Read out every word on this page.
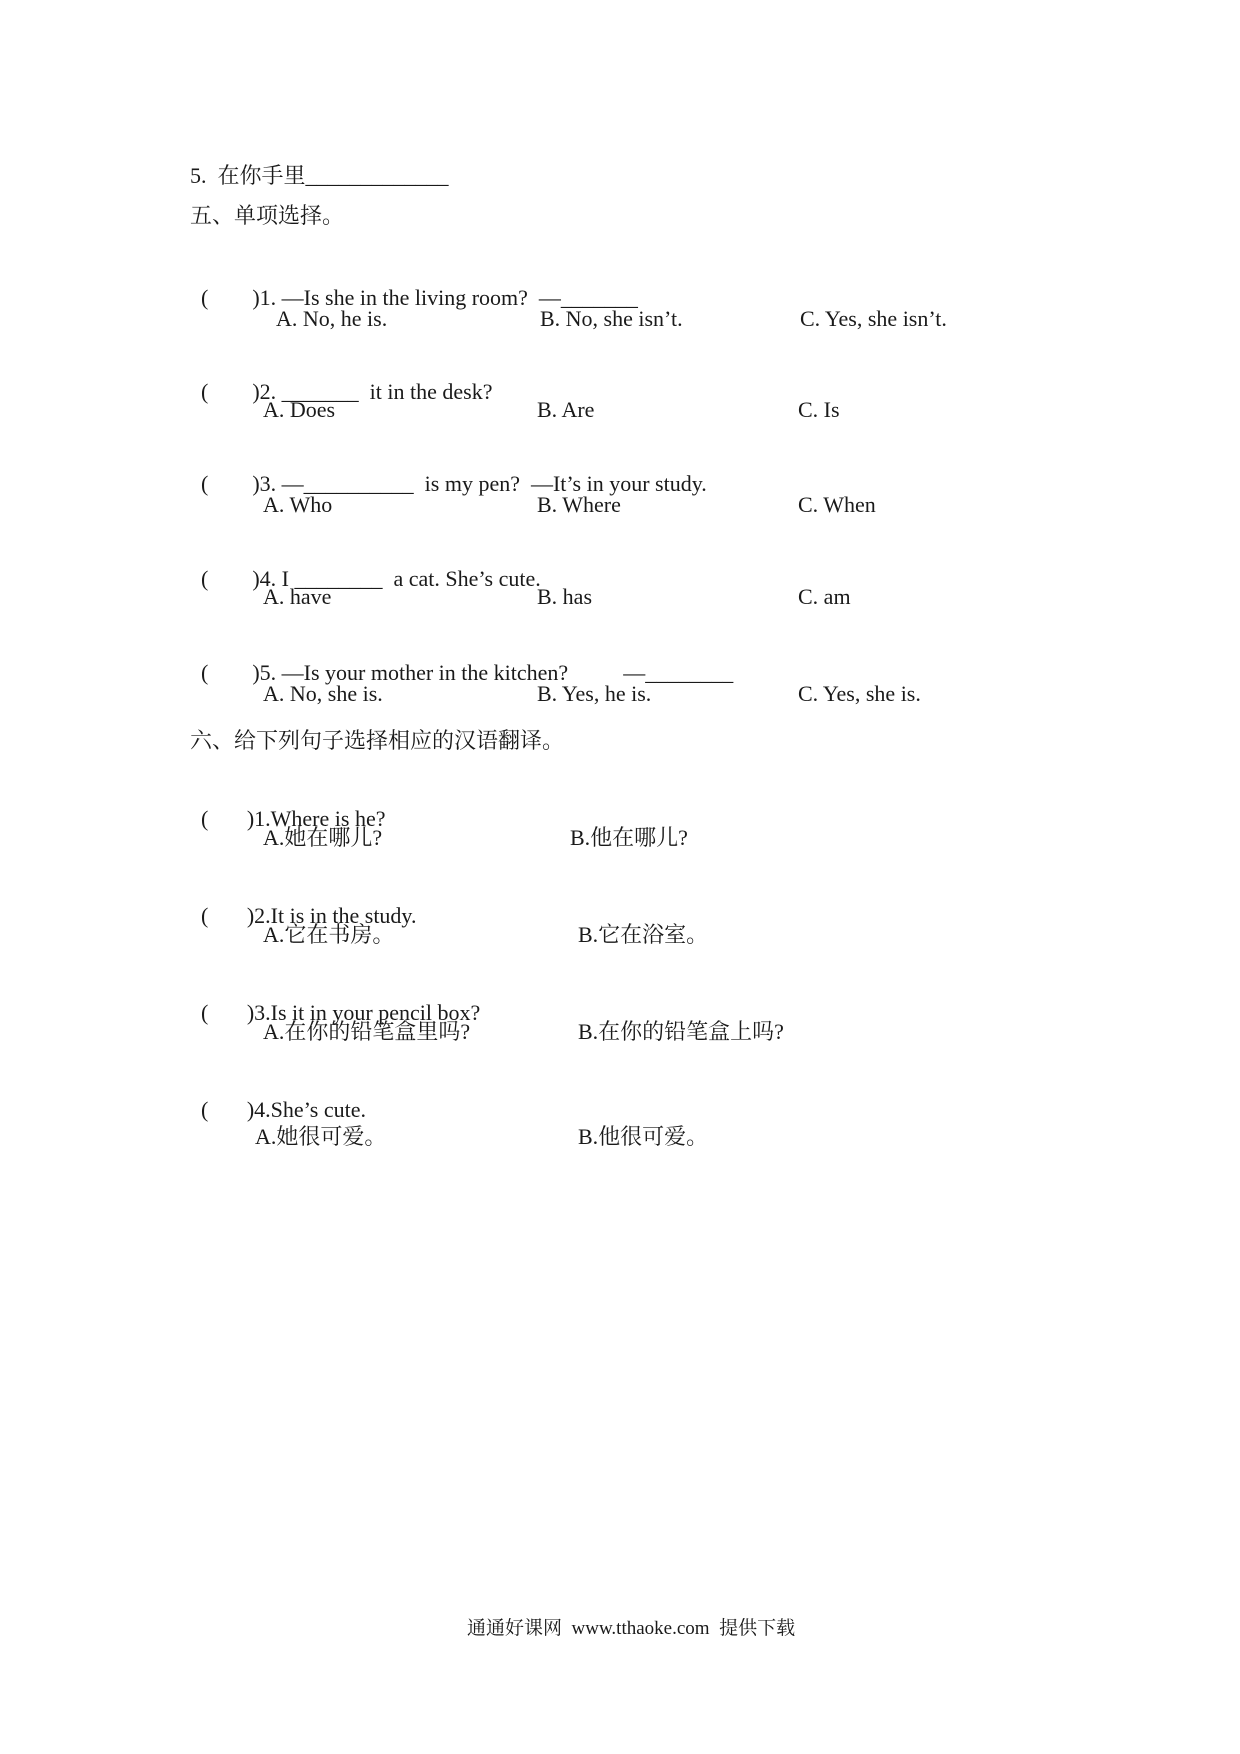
5.  在你手里_____________
五、单项选择。

(        )1. —Is she in the living room?  —_______

A. No, he is.	B. No, she isn’t.	C. Yes, she isn’t.

(        )2. _______  it in the desk?

A. Does	B. Are	C. Is

(        )3. —__________  is my pen?  —It’s in your study.

A. Who	B. Where	C. When

(        )4. I ________  a cat. She’s cute.

A. have	B. has	C. am

(        )5. —Is your mother in the kitchen?          —________

A. No, she is.	B. Yes, he is.	C. Yes, she is.
六、给下列句子选择相应的汉语翻译。

(       )1.Where is he?

A.她在哪儿?	B.他在哪儿?

(       )2.It is in the study.

A.它在书房。	B.它在浴室。

(       )3.Is it in your pencil box?

A.在你的铅笔盒里吗?	B.在你的铅笔盒上吗?

(       )4.She’s cute.

A.她很可爱。	B.他很可爱。
通通好课网  www.tthaoke.com  提供下载
